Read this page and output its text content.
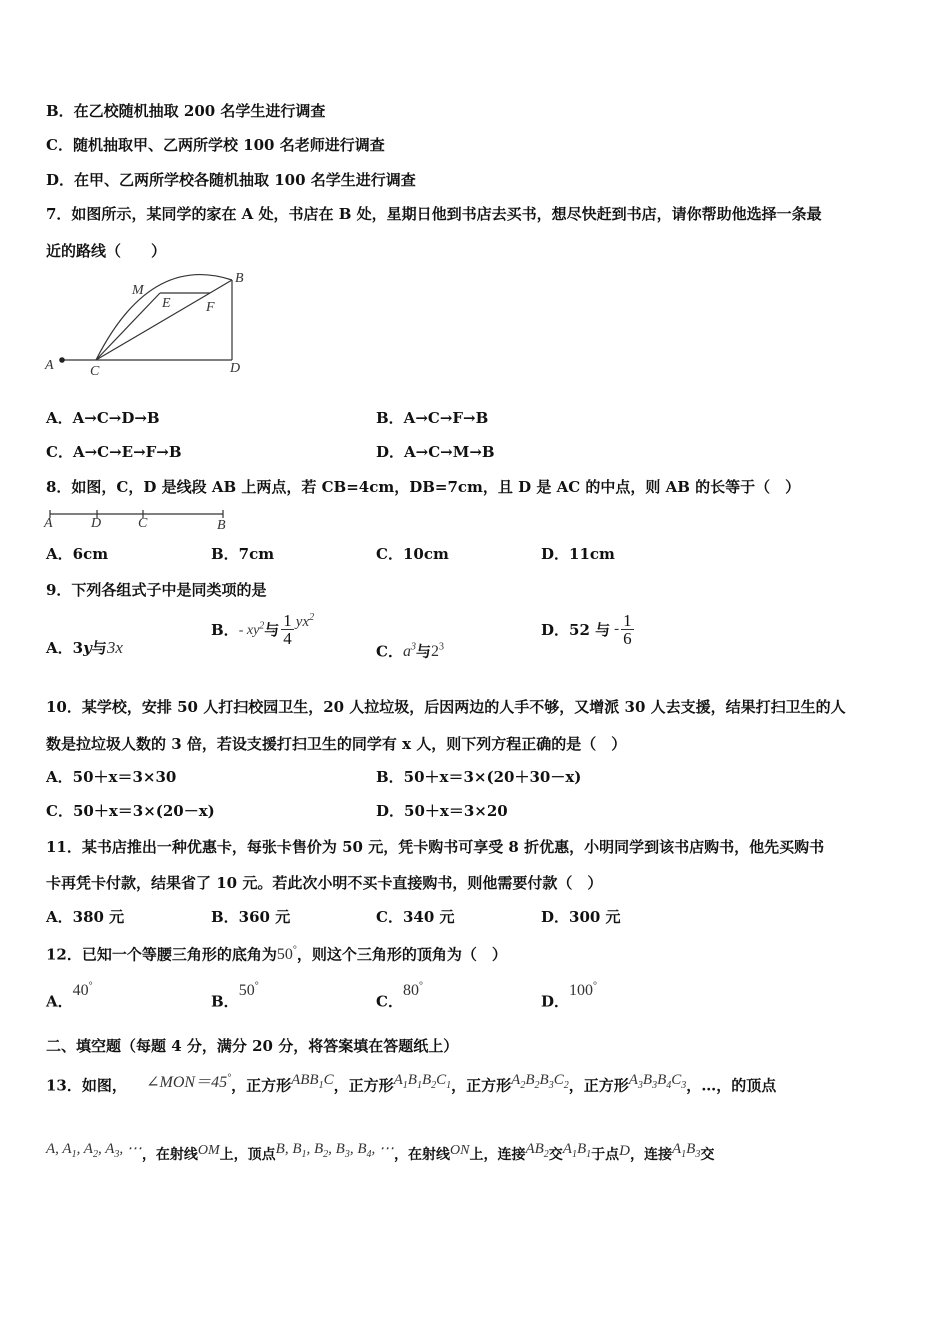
B．在乙校随机抽取 200 名学生进行调查
C．随机抽取甲、乙两所学校 100 名老师进行调查
D．在甲、乙两所学校各随机抽取 100 名学生进行调查
7．如图所示，某同学的家在 A 处，书店在 B 处，星期日他到书店去买书，想尽快赶到书店，请你帮助他选择一条最
近的路线（　　）
A	C	D
B
M
E	F
A．A→C→D→B	B．A→C→F→B
C．A→C→E→F→B	D．A→C→M→B
8．如图，C，D 是线段 AB 上两点，若 CB=4cm，DB=7cm，且 D 是 AC 的中点，则 AB 的长等于（　）
A	D	C	B
A．6cm	B．7cm	C．10cm	D．11cm
9．下列各组式子中是同类项的是
A．3y与3x
B．- $xy^2$与 $\frac{1}{4} yx^2$
C．$a^3$与$2^3$
D．52 与 - $\frac{1}{6}$
10．某学校，安排 50 人打扫校园卫生，20 人拉垃圾，后因两边的人手不够，又增派 30 人去支援，结果打扫卫生的人
数是拉垃圾人数的 3 倍，若设支援打扫卫生的同学有 x 人，则下列方程正确的是（　）
A．50＋x＝3×30	B．50＋x＝3×(20＋30－x)
C．50＋x＝3×(20－x)	D．50＋x＝3×20
11．某书店推出一种优惠卡，每张卡售价为 50 元，凭卡购书可享受 8 折优惠，小明同学到该书店购书，他先买购书
卡再凭卡付款，结果省了 10 元。若此次小明不买卡直接购书，则他需要付款（　）
A．380 元	B．360 元	C．340 元	D．300 元
12．已知一个等腰三角形的底角为50°，则这个三角形的顶角为（　）
A．40°
B．50°
C．80°
D．100°
二、填空题（每题 4 分，满分 20 分，将答案填在答题纸上）
13．如图， ∠MON＝45°，正方形$ABB_1C$，正方形$A_1B_1B_2C_1$，正方形$A_2B_2B_3C_2$，正方形$A_3B_3B_4C_3$，…，的顶点
A, $A_1$, $A_2$, $A_3$, ⋯，在射线OM上，顶点B, $B_1$, $B_2$, $B_3$, $B_4$, ⋯，在射线ON上，连接$AB_2$交$A_1B_1$于点D，连接$A_1B_3$交
